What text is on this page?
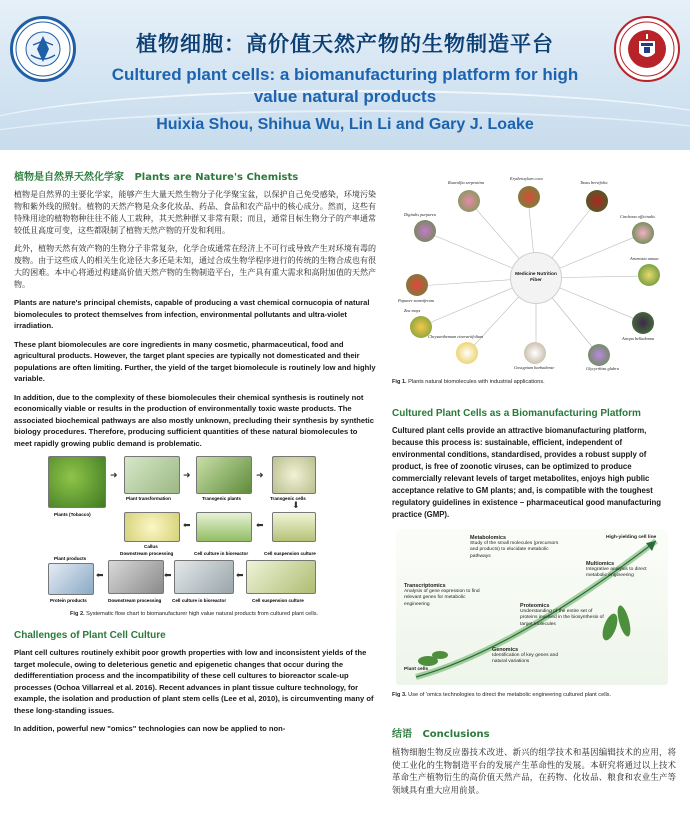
植物细胞：高价值天然产物的生物制造平台
Cultured plant cells: a biomanufacturing platform for high value natural products
Huixia Shou, Shihua Wu, Lin Li and Gary J. Loake
植物是自然界天然化学家 Plants are Nature's Chemists

植物是自然界的主要化学家，能够产生大量天然生物分子化学聚宝盆，以保护自己免受感染，环境污染物和紫外线的照射。植物的天然产物是众多化妆品、药品、食品和农产品中的核心成分。然而，这些有特殊用途的植物物种往往不能人工栽种，其天然种群又非常有限；而且，通常目标生物分子的产率通常较低且高度可变，这些都限制了植物天然产物的开发和利用。

此外，植物天然有效产物的生物分子非常复杂，化学合成通常在经济上不可行或导致产生对环境有毒的废物。由于这些成人的相关生化途径大多还是未知，通过合成生物学程序进行的传统的生物合成也有很大的困难。本中心将通过构建高价值天然产物的生物制造平台，生产具有重大需求和高附加值的天然产物。

Plants are nature's principal chemists, capable of producing a vast chemical cornucopia of natural biomolecules to protect themselves from infection, environmental pollutants and ultra-violet irradiation.

These plant biomolecules are core ingredients in many cosmetic, pharmaceutical, food and agricultural products. However, the target plant species are typically not domesticated and their populations are often limiting. Further, the yield of the target biomolecule is routinely low and highly variable.

In addition, due to the complexity of these biomolecules their chemical synthesis is routinely not economically viable or results in the production of environmentally toxic waste products. The associated biochemical pathways are also mostly unknown, precluding their synthesis by synthetic biology procedures. Therefore, producing sufficient quantities of these natural biomolecules to meet rapidly growing public demand is problematic.

Plants (Tobacco)
Plant transformation	Transgenic plants	Transgenic cells
➜	➜	➜
⬇
Callus
Downstream processing	Cell culture in bioreactor	Cell suspension culture
⬅
⬅
Plant products
Protein products	Downstream processing Cell culture in bioreactor	Cell suspension culture
⬅	⬅	⬅
Fig 2. Systematic flow chart to biomanufacturer high value natural products from cultured plant cells.
Challenges of Plant Cell Culture

Plant cell cultures routinely exhibit poor growth properties with low and inconsistent yields of the target molecule, owing to deleterious genetic and epigenetic changes that occur during the dedifferentiation process and the incompatibility of these cell cultures to bioreactor scale-up processes (Ochoa Villarreal et al. 2016). Recent advances in plant tissue culture technology, for example, the isolation and production of plant stem cells (Lee et al, 2010), is circumventing many of these long-standing issues.

In addition, powerful new "omics" technologies can now be applied to non-

Medicine Nutrition Fiber
Rauvolfia serpentina
Erythroxylum coca
Taxus brevifolia
Digitalis purpurea	Cinchona officinalis
Papaver somniferum
Artemisia annua
Zea mays
Atropa belladonna
Chrysanthemum cinerariifolium
Gossypium barbadense	Glycyrrhiza glabra
Fig 1. Plants natural biomolecules with industrial applications.
Cultured Plant Cells as a Biomanufacturing Platform

Cultured plant cells provide an attractive biomanufacturing platform, because this process is: sustainable, efficient, independent of environmental conditions, standardised, provides a robust supply of product, is free of zoonotic viruses, can be optimized to produce commercially relevant levels of target metabolites, enjoys high public acceptance relative to GM plants; and, is compatible with the toughest regulatory guidelines in existence – pharmaceutical good manufacturing practice (GMP).

Metabolomics
Study of the small molecules (precursors and products) to elucidate metabolic pathways
High-yielding cell line
Multiomics
Integrative analysis to direct metabolic engineering
Transcriptomics
Analysis of gene expression to find relevant genes for metabolic engineering	Proteomics
Understanding of the entire set of proteins involved in the biosynthesis of target molecules
Genomics
Identification of key genes and natural variations
Plant cells
Fig 3. Use of 'omics technologies to direct the metabolic engineering cultured plant cells.
结语 Conclusions

植物细胞生物反应器技术改进、新兴的组学技术和基因编辑技术的应用，将使工业化的生物制造平台的发展产生革命性的发展。本研究将通过以上技术革命生产植物衍生的高价值天然产品，在药物、化妆品、粮食和农业生产等领域具有重大应用前景。
